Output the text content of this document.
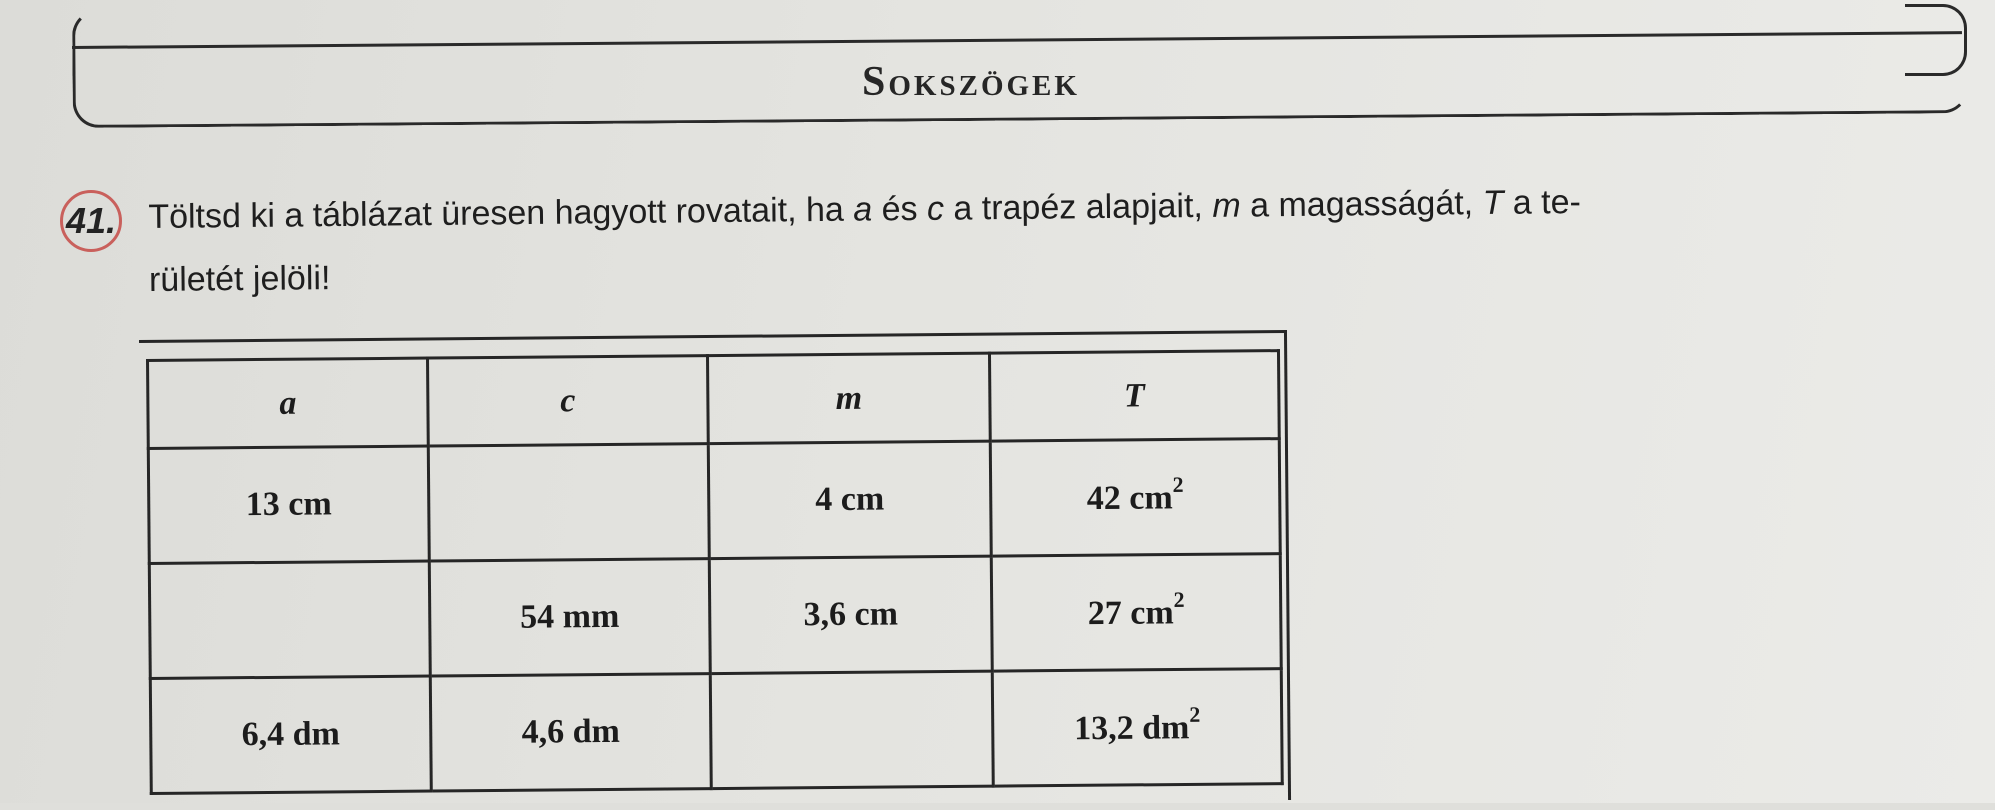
Sokszögek
41. Töltsd ki a táblázat üresen hagyott rovatait, ha a és c a trapéz alapjait, m a magasságát, T a te-
rületét jelöli!
a	c	m	T
13 cm		4 cm	42 $cm^2$
	54 mm	3,6 cm	27 $cm^2$
6,4 dm	4,6 dm		13,2 $dm^2$
